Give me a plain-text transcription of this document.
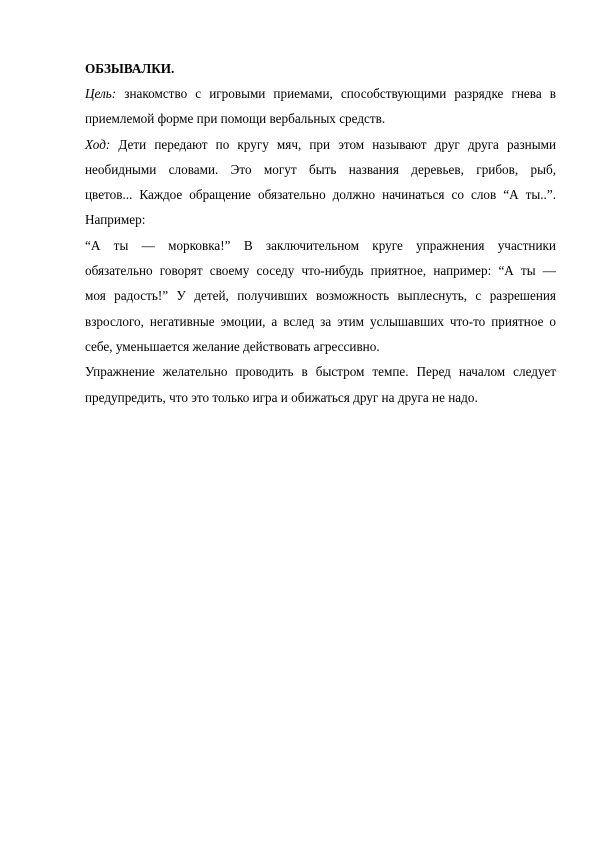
ОБЗЫВАЛКИ.

Цель: знакомство с игровыми приемами, способствующими разрядке гнева в
приемлемой форме при помощи вербальных средств.
Ход: Дети передают по кругу мяч, при этом называют друг друга разными
необидными словами. Это могут быть названия деревьев, грибов, рыб,
цветов... Каждое обращение обязательно должно начинаться со слов “А ты..”.
Например:
“А ты — морковка!” В заключительном круге упражнения участники
обязательно говорят своему соседу что-нибудь приятное, например: “А ты —
моя радость!” У детей, получивших возможность выплеснуть, с разрешения
взрослого, негативные эмоции, а вслед за этим услышавших что-то приятное о
себе, уменьшается желание действовать агрессивно.
Упражнение желательно проводить в быстром темпе. Перед началом следует
предупредить, что это только игра и обижаться друг на друга не надо.
